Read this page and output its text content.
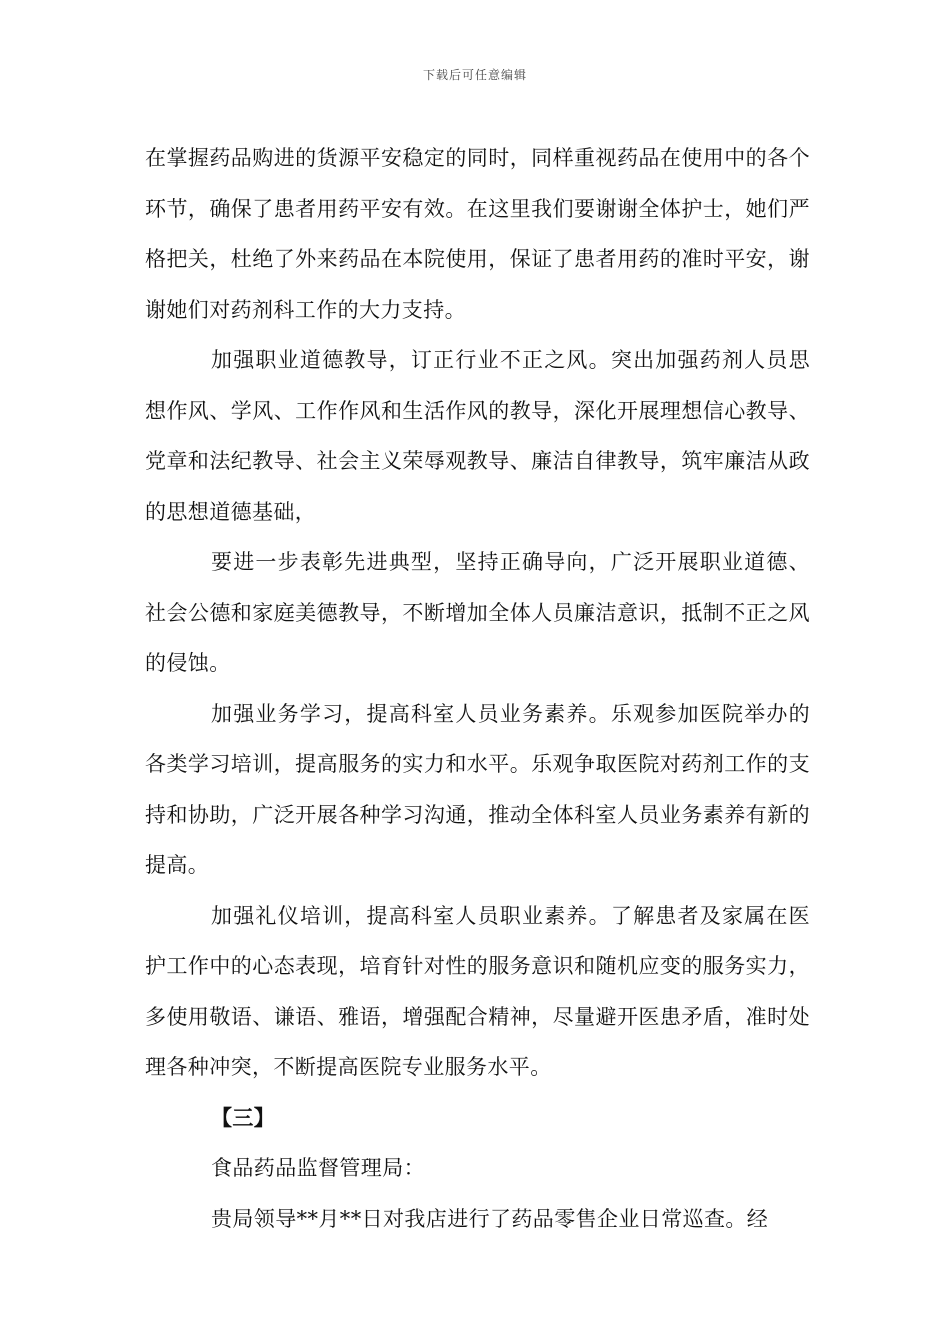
下载后可任意编辑

在掌握药品购进的货源平安稳定的同时，同样重视药品在使用中的各个环节，确保了患者用药平安有效。在这里我们要谢谢全体护士，她们严格把关，杜绝了外来药品在本院使用，保证了患者用药的准时平安，谢谢她们对药剂科工作的大力支持。

加强职业道德教导，订正行业不正之风。突出加强药剂人员思想作风、学风、工作作风和生活作风的教导，深化开展理想信心教导、党章和法纪教导、社会主义荣辱观教导、廉洁自律教导，筑牢廉洁从政的思想道德基础，

要进一步表彰先进典型，坚持正确导向，广泛开展职业道德、社会公德和家庭美德教导，不断增加全体人员廉洁意识，抵制不正之风的侵蚀。

加强业务学习，提高科室人员业务素养。乐观参加医院举办的各类学习培训，提高服务的实力和水平。乐观争取医院对药剂工作的支持和协助，广泛开展各种学习沟通，推动全体科室人员业务素养有新的提高。

加强礼仪培训，提高科室人员职业素养。了解患者及家属在医护工作中的心态表现，培育针对性的服务意识和随机应变的服务实力，多使用敬语、谦语、雅语，增强配合精神，尽量避开医患矛盾，准时处理各种冲突，不断提高医院专业服务水平。

【三】

食品药品监督管理局：

贵局领导**月**日对我店进行了药品零售企业日常巡查。经
